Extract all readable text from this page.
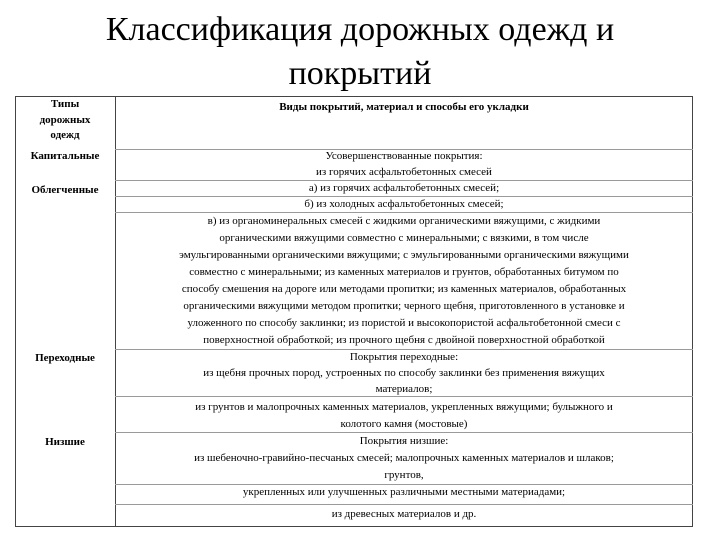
Классификация дорожных одежд и
покрытий
Типы
дорожных
одежд
Капитальные
Облегченные
Переходные
Низшие
Виды покрытий, материал и способы его укладки
Усовершенствованные покрытия:
из горячих асфальтобетонных смесей
а) из горячих асфальтобетонных смесей;
б) из холодных асфальтобетонных смесей;
в) из органоминеральных смесей с жидкими органическими вяжущими, с жидкими
органическими вяжущими совместно с минеральными; с вязкими, в том числе
эмульгированными органическими вяжущими; с эмульгированными органическими вяжущими
совместно с минеральными; из каменных материалов и грунтов, обработанных битумом по
способу смешения на дороге или методами пропитки; из каменных материалов, обработанных
органическими вяжущими методом пропитки; черного щебня, приготовленного в установке и
уложенного по способу заклинки; из пористой и высокопористой асфальтобетонной смеси с
поверхностной обработкой; из прочного щебня с двойной поверхностной обработкой
Покрытия переходные:
из щебня прочных пород, устроенных по способу заклинки без применения вяжущих
материалов;
из грунтов и малопрочных каменных материалов, укрепленных вяжущими; булыжного и
колотого камня (мостовые)
Покрытия низшие:
из шебеночно-гравийно-песчаных смесей; малопрочных каменных материалов и шлаков;
грунтов,
укрепленных или улучшенных различными местными материадами;
из древесных материалов и др.
